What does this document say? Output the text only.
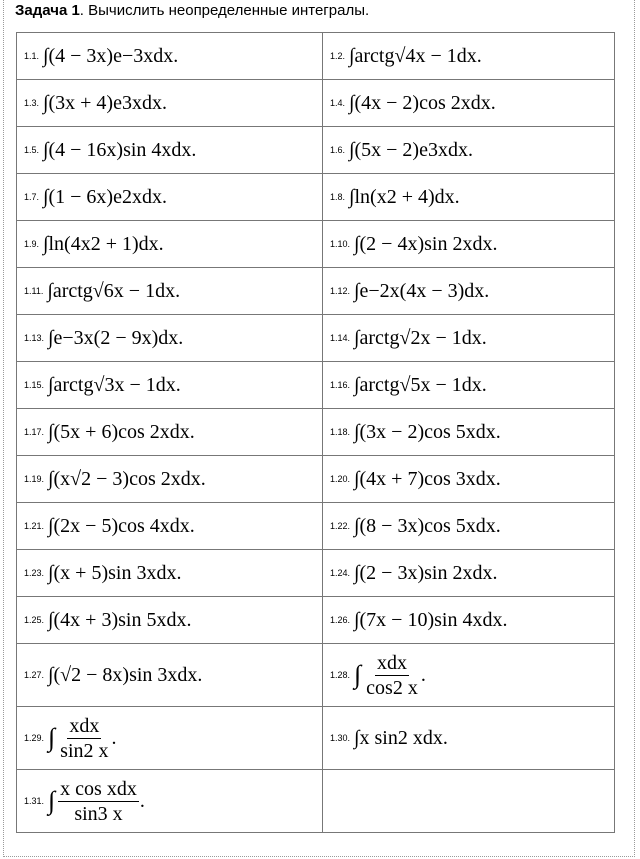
Задача 1. Вычислить неопределенные интегралы.
1.1. ∫(4 − 3x)e−3xdx.	1.2. ∫arctg√4x − 1dx.
1.3. ∫(3x + 4)e3xdx.	1.4. ∫(4x − 2)cos 2xdx.
1.5. ∫(4 − 16x)sin 4xdx.	1.6. ∫(5x − 2)e3xdx.
1.7. ∫(1 − 6x)e2xdx.	1.8. ∫ln(x2 + 4)dx.
1.9. ∫ln(4x2 + 1)dx.	1.10. ∫(2 − 4x)sin 2xdx.
1.11. ∫arctg√6x − 1dx.	1.12. ∫e−2x(4x − 3)dx.
1.13. ∫e−3x(2 − 9x)dx.	1.14. ∫arctg√2x − 1dx.
1.15. ∫arctg√3x − 1dx.	1.16. ∫arctg√5x − 1dx.
1.17. ∫(5x + 6)cos 2xdx.	1.18. ∫(3x − 2)cos 5xdx.
1.19. ∫(x√2 − 3)cos 2xdx.	1.20. ∫(4x + 7)cos 3xdx.
1.21. ∫(2x − 5)cos 4xdx.	1.22. ∫(8 − 3x)cos 5xdx.
1.23. ∫(x + 5)sin 3xdx.	1.24. ∫(2 − 3x)sin 2xdx.
1.25. ∫(4x + 3)sin 5xdx.	1.26. ∫(7x − 10)sin 4xdx.
1.27. ∫(√2 − 8x)sin 3xdx.	1.28. ∫ $\frac{\text{xdx}}{\cos 2 x}$ .

1.29. ∫ $\frac{\text{xdx}}{\sin 2 x}$ .	1.30. ∫x sin2 xdx.
1.31. ∫ $\frac{\text{x cos xdx}}{\sin 3 x}$ .	
